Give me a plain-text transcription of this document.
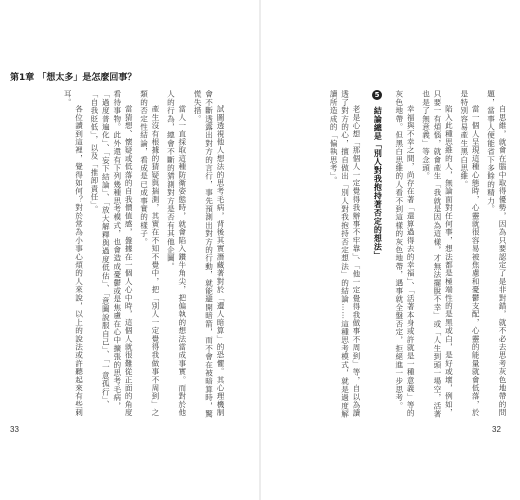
第1章 「想太多」是怎麼回事？

試圖透視他人想法的思考毛病，背後其實潛藏著對於「遭人暗算」的恐懼。其心理機制會不斷透露出對方的言行，事先預測出對方的行動，就能避開暗箭，而不會在被暗算時，驚慌失措。

當人一直採取這種防衛姿態時，就會陷入鑽牛角尖，把偏執的想法當成事實。而對於他人的行為，總會不斷的猜測對方是否有其他企圖。

產生沒有根據的猜疑與揣測，其實在不知不覺中，把「別人一定覺得我做事不周到」之類的否定性結論，看成是已成事實的樣子。

當猜想、懷疑或低落的自我價值感，盤據在一個人心中時，這個人就很難從正面的角度看待事物。此外還有下列幾種思考模式，也會造成憂鬱或是焦慮在心中擴張的思考毛病，「過度普遍化」、「妄下結論」、「放大解釋與過度低估」、「意圖說服自己」、「一意孤行」、「自我貶低」，以及「推卸責任」。

各位讀到這裡，覺得如何？對於常為小事心煩的人來說，以上的說法或許聽起來有些刺耳。

33

自思維，就會在腦中取得優勢，因為只要認定了是非對錯，就不必去思考灰色地帶的問題，當事人便能省下多餘的精力。

當一個人呈現這種心態時，心靈就很容易被焦慮和憂鬱支配，心靈的能量就會低落，於是特別容易產生黑白思維。

陷入此種思維的人，無論面對任何事，想法都是極端性的是黑或白，是好或壞，例如，只要一有煩惱，就會產生「我就是因為這樣，才無法擺脫不幸」或「人生到頭一場空，活著也是了無意義」等念頭。

幸福與不幸之間，尚存在著「還算過得去的幸福」、「活著本身或許就是一種意義」等的灰色地帶。但黑白思維的人看不到這樣的灰色地帶，遇事就全盤否定，拒絕進一步思考。

5 結論總是「別人對我抱持著否定的想法」

老是心想「那個人一定覺得我辦事不牢靠」、「他一定覺得我做事不周到」等，自以為讀透了對方的心，擅自做出「別人對我抱持否定想法」的結論……這種思考模式，就是過度解讀所造成的「偏執思考」。

32
